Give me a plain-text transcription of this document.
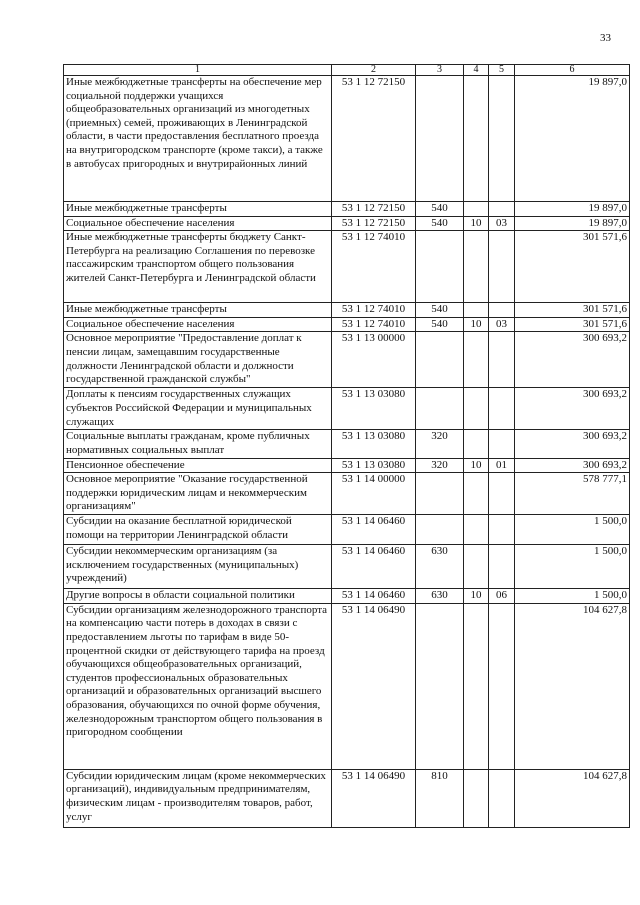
33
1	2	3	4	5	6
Иные межбюджетные трансферты на обеспечение мер социальной поддержки учащихся общеобразовательных организаций из многодетных (приемных) семей, проживающих в Ленинградской области, в части предоставления бесплатного проезда на внутригородском транспорте (кроме такси), а также в автобусах пригородных и внутрирайонных линий	53 1 12 72150				19 897,0
Иные межбюджетные трансферты	53 1 12 72150	540			19 897,0
Социальное обеспечение населения	53 1 12 72150	540	10	03	19 897,0
Иные межбюджетные трансферты бюджету Санкт-Петербурга на реализацию Соглашения по перевозке пассажирским транспортом общего пользования жителей Санкт-Петербурга и Ленинградской области	53 1 12 74010				301 571,6
Иные межбюджетные трансферты	53 1 12 74010	540			301 571,6
Социальное обеспечение населения	53 1 12 74010	540	10	03	301 571,6
Основное мероприятие "Предоставление доплат к пенсии лицам, замещавшим государственные должности Ленинградской области и должности государственной гражданской службы"	53 1 13 00000				300 693,2
Доплаты к пенсиям государственных служащих субъектов Российской Федерации и муниципальных служащих	53 1 13 03080				300 693,2
Социальные выплаты гражданам, кроме публичных нормативных социальных выплат	53 1 13 03080	320			300 693,2
Пенсионное обеспечение	53 1 13 03080	320	10	01	300 693,2
Основное мероприятие "Оказание государственной поддержки юридическим лицам и некоммерческим организациям"	53 1 14 00000				578 777,1
Субсидии на оказание бесплатной юридической помощи на территории Ленинградской области	53 1 14 06460				1 500,0
Субсидии некоммерческим организациям (за исключением государственных (муниципальных) учреждений)	53 1 14 06460	630			1 500,0
Другие вопросы в области социальной политики	53 1 14 06460	630	10	06	1 500,0
Субсидии организациям железнодорожного транспорта на компенсацию части потерь в доходах в связи с предоставлением льготы по тарифам в виде 50-процентной скидки от действующего тарифа на проезд обучающихся общеобразовательных организаций, студентов профессиональных образовательных организаций и образовательных организаций высшего образования, обучающихся по очной форме обучения, железнодорожным транспортом общего пользования в пригородном сообщении	53 1 14 06490				104 627,8
Субсидии юридическим лицам (кроме некоммерческих организаций), индивидуальным предпринимателям, физическим лицам - производителям товаров, работ, услуг	53 1 14 06490	810			104 627,8
